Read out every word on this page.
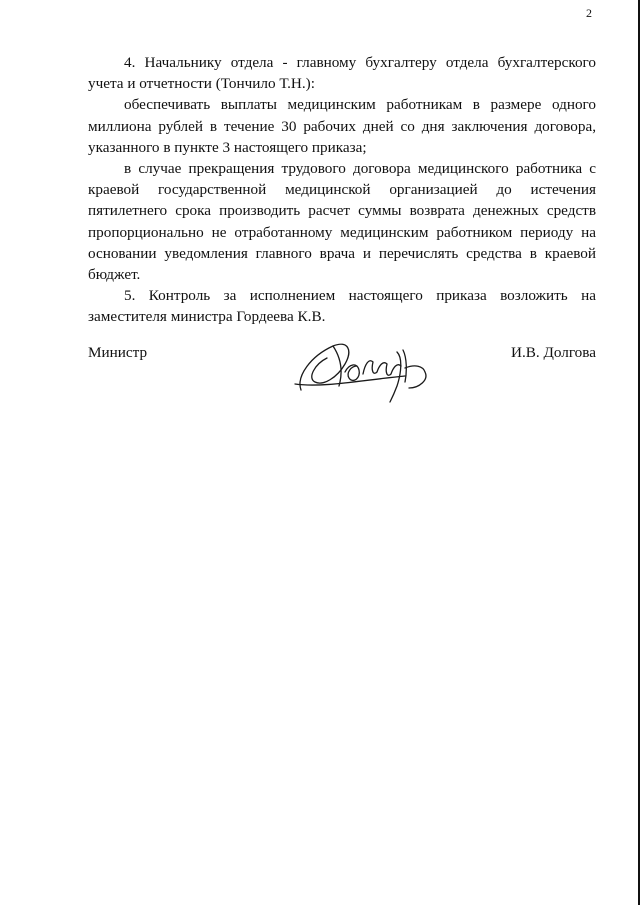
2

4. Начальнику отдела - главному бухгалтеру отдела бухгалтерского учета и отчетности (Тончило Т.Н.):

обеспечивать выплаты медицинским работникам в размере одного миллиона рублей в течение 30 рабочих дней со дня заключения договора, указанного в пункте 3 настоящего приказа;

в случае прекращения трудового договора медицинского работника с краевой государственной медицинской организацией до истечения пятилетнего срока производить расчет суммы возврата денежных средств пропорционально не отработанному медицинским работником периоду на основании уведомления главного врача и перечислять средства в краевой бюджет.

5. Контроль за исполнением настоящего приказа возложить на заместителя министра Гордеева К.В.

Министр	И.В. Долгова
